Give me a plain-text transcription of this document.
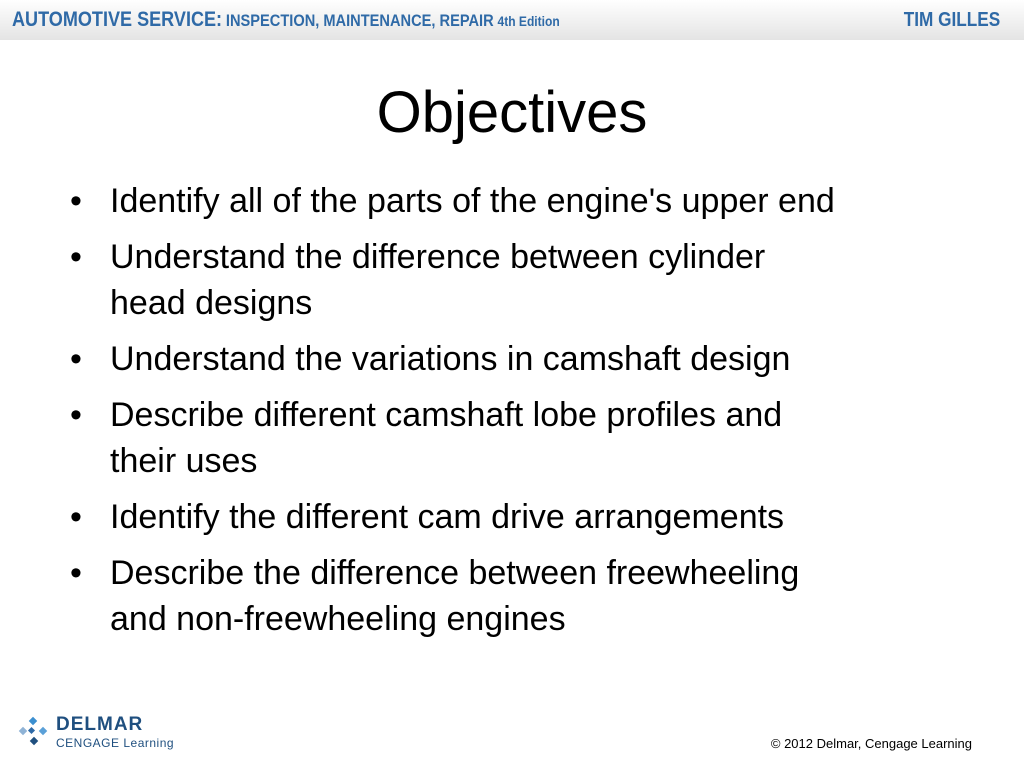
AUTOMOTIVE SERVICE: INSPECTION, MAINTENANCE, REPAIR 4th Edition	TIM GILLES
Objectives
• Identify all of the parts of the engine's upper end
• Understand the difference between cylinder
head designs
• Understand the variations in camshaft design
• Describe different camshaft lobe profiles and
their uses
• Identify the different cam drive arrangements
• Describe the difference between freewheeling
and non-freewheeling engines
DELMAR
CENGAGE Learning	© 2012 Delmar, Cengage Learning
